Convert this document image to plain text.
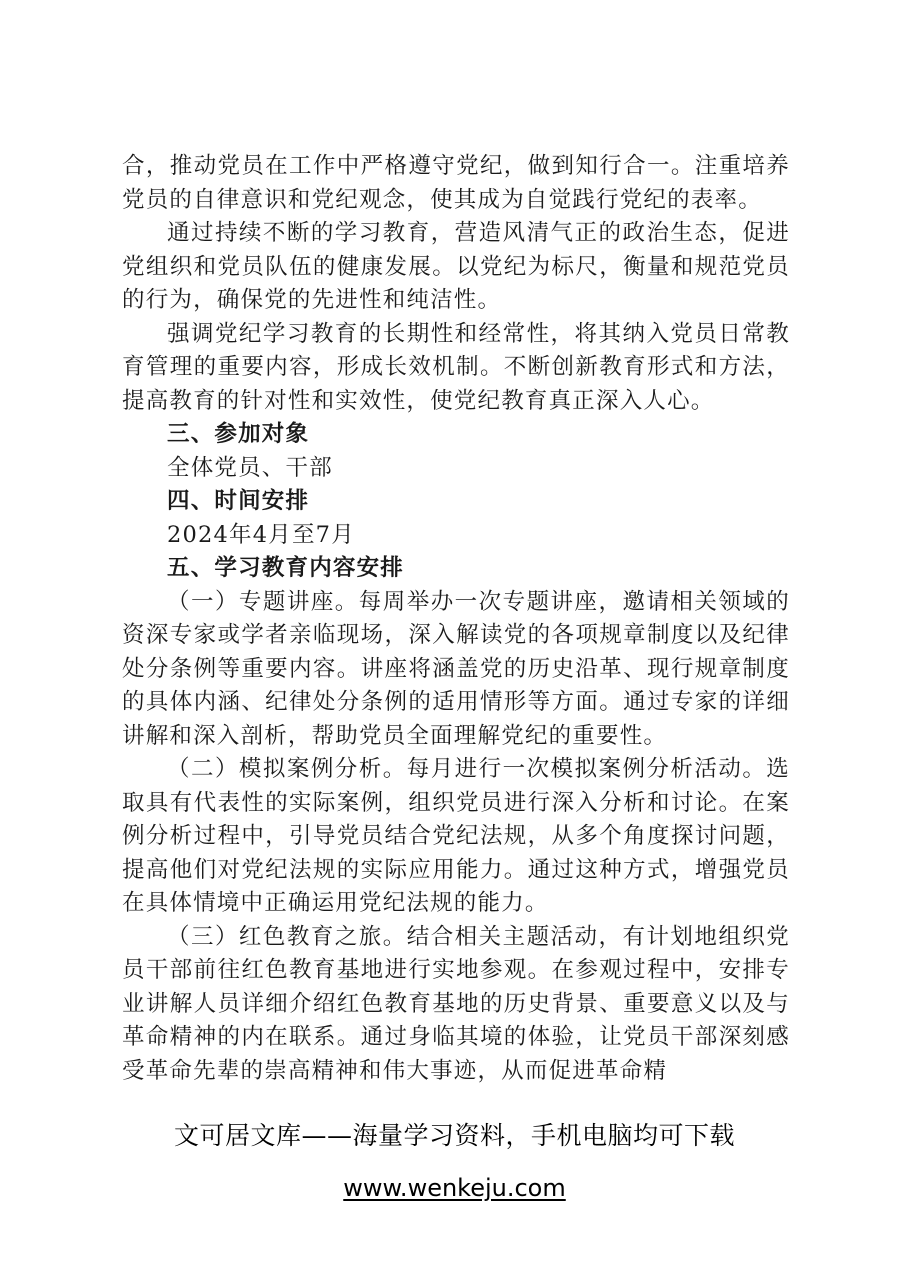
合，推动党员在工作中严格遵守党纪，做到知行合一。注重培养党员的自律意识和党纪观念，使其成为自觉践行党纪的表率。

通过持续不断的学习教育，营造风清气正的政治生态，促进党组织和党员队伍的健康发展。以党纪为标尺，衡量和规范党员的行为，确保党的先进性和纯洁性。

强调党纪学习教育的长期性和经常性，将其纳入党员日常教育管理的重要内容，形成长效机制。不断创新教育形式和方法，提高教育的针对性和实效性，使党纪教育真正深入人心。

三、参加对象

全体党员、干部

四、时间安排

2024年4月至7月

五、学习教育内容安排

（一）专题讲座。每周举办一次专题讲座，邀请相关领域的资深专家或学者亲临现场，深入解读党的各项规章制度以及纪律处分条例等重要内容。讲座将涵盖党的历史沿革、现行规章制度的具体内涵、纪律处分条例的适用情形等方面。通过专家的详细讲解和深入剖析，帮助党员全面理解党纪的重要性。

（二）模拟案例分析。每月进行一次模拟案例分析活动。选取具有代表性的实际案例，组织党员进行深入分析和讨论。在案例分析过程中，引导党员结合党纪法规，从多个角度探讨问题，提高他们对党纪法规的实际应用能力。通过这种方式，增强党员在具体情境中正确运用党纪法规的能力。

（三）红色教育之旅。结合相关主题活动，有计划地组织党员干部前往红色教育基地进行实地参观。在参观过程中，安排专业讲解人员详细介绍红色教育基地的历史背景、重要意义以及与革命精神的内在联系。通过身临其境的体验，让党员干部深刻感受革命先辈的崇高精神和伟大事迹，从而促进革命精

文可居文库——海量学习资料，手机电脑均可下载
www.wenkeju.com
